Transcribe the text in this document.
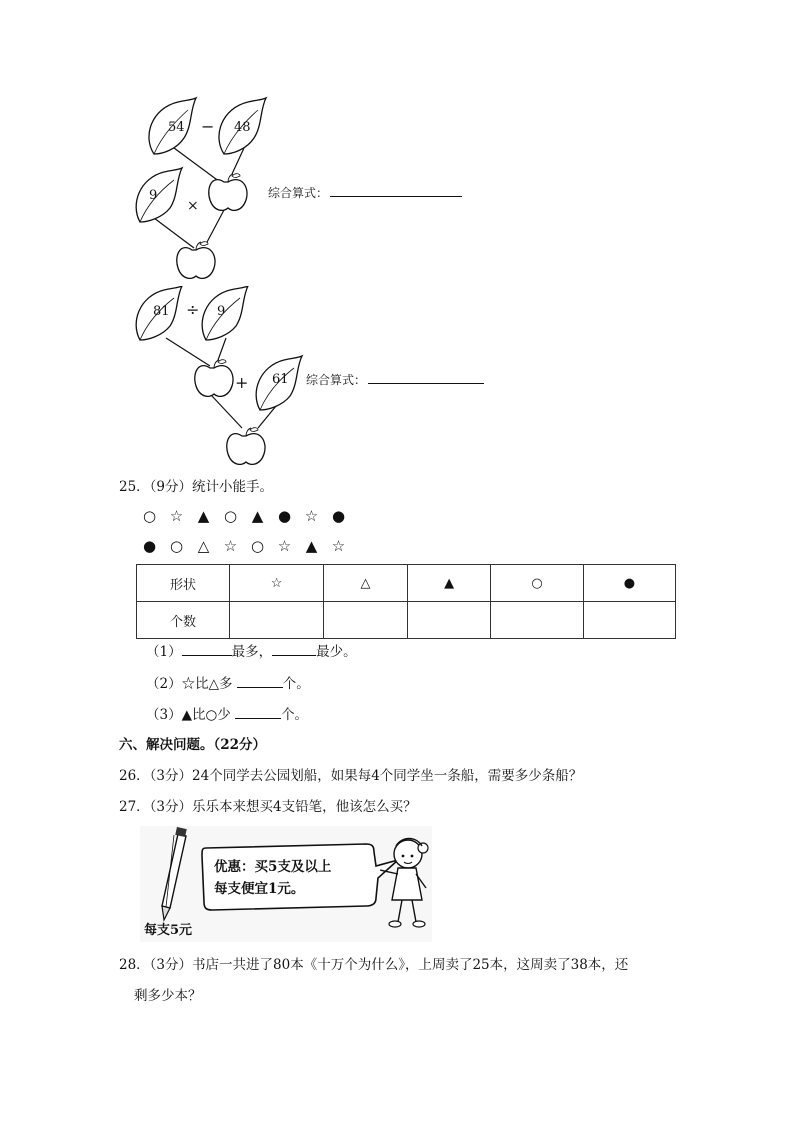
54 − 48
9
×
综合算式：
81 ÷ 9
+ 61 综合算式：
25．（9分）统计小能手。
○ ☆ ▲ ○ ▲ ● ☆ ●
● ○ △ ☆ ○ ☆ ▲ ☆
形状	☆	△	▲	○	●
个数					
（1）	最多，	最少。
（2）☆比△多	个。
（3）▲比○少	个。
六、解决问题。（22分）
26．（3分）24个同学去公园划船，如果每4个同学坐一条船，需要多少条船？
27．（3分）乐乐本来想买4支铅笔，他该怎么买？
每支5元
优惠：买5支及以上
每支便宜1元。
28．（3分）书店一共进了80本《十万个为什么》，上周卖了25本，这周卖了38本，还
剩多少本？
